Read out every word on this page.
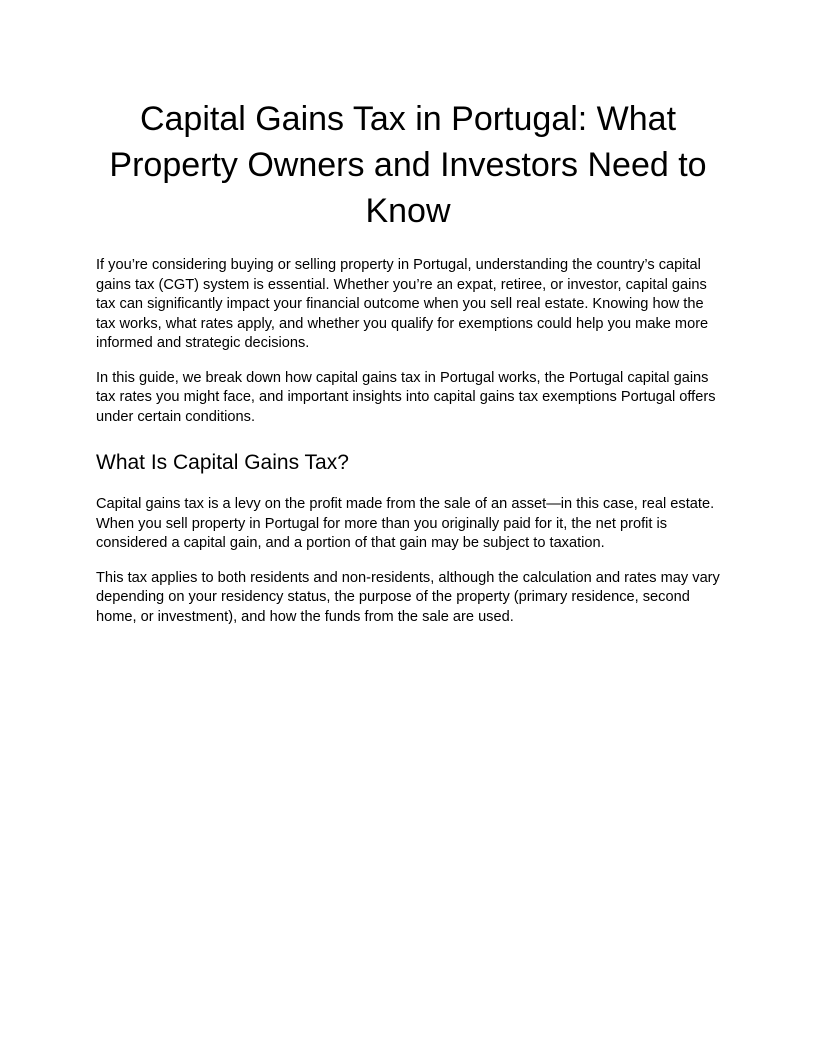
Capital Gains Tax in Portugal: What Property Owners and Investors Need to Know

If you’re considering buying or selling property in Portugal, understanding the country’s capital gains tax (CGT) system is essential. Whether you’re an expat, retiree, or investor, capital gains tax can significantly impact your financial outcome when you sell real estate. Knowing how the tax works, what rates apply, and whether you qualify for exemptions could help you make more informed and strategic decisions.

In this guide, we break down how capital gains tax in Portugal works, the Portugal capital gains tax rates you might face, and important insights into capital gains tax exemptions Portugal offers under certain conditions.

What Is Capital Gains Tax?

Capital gains tax is a levy on the profit made from the sale of an asset—in this case, real estate. When you sell property in Portugal for more than you originally paid for it, the net profit is considered a capital gain, and a portion of that gain may be subject to taxation.

This tax applies to both residents and non-residents, although the calculation and rates may vary depending on your residency status, the purpose of the property (primary residence, second home, or investment), and how the funds from the sale are used.
